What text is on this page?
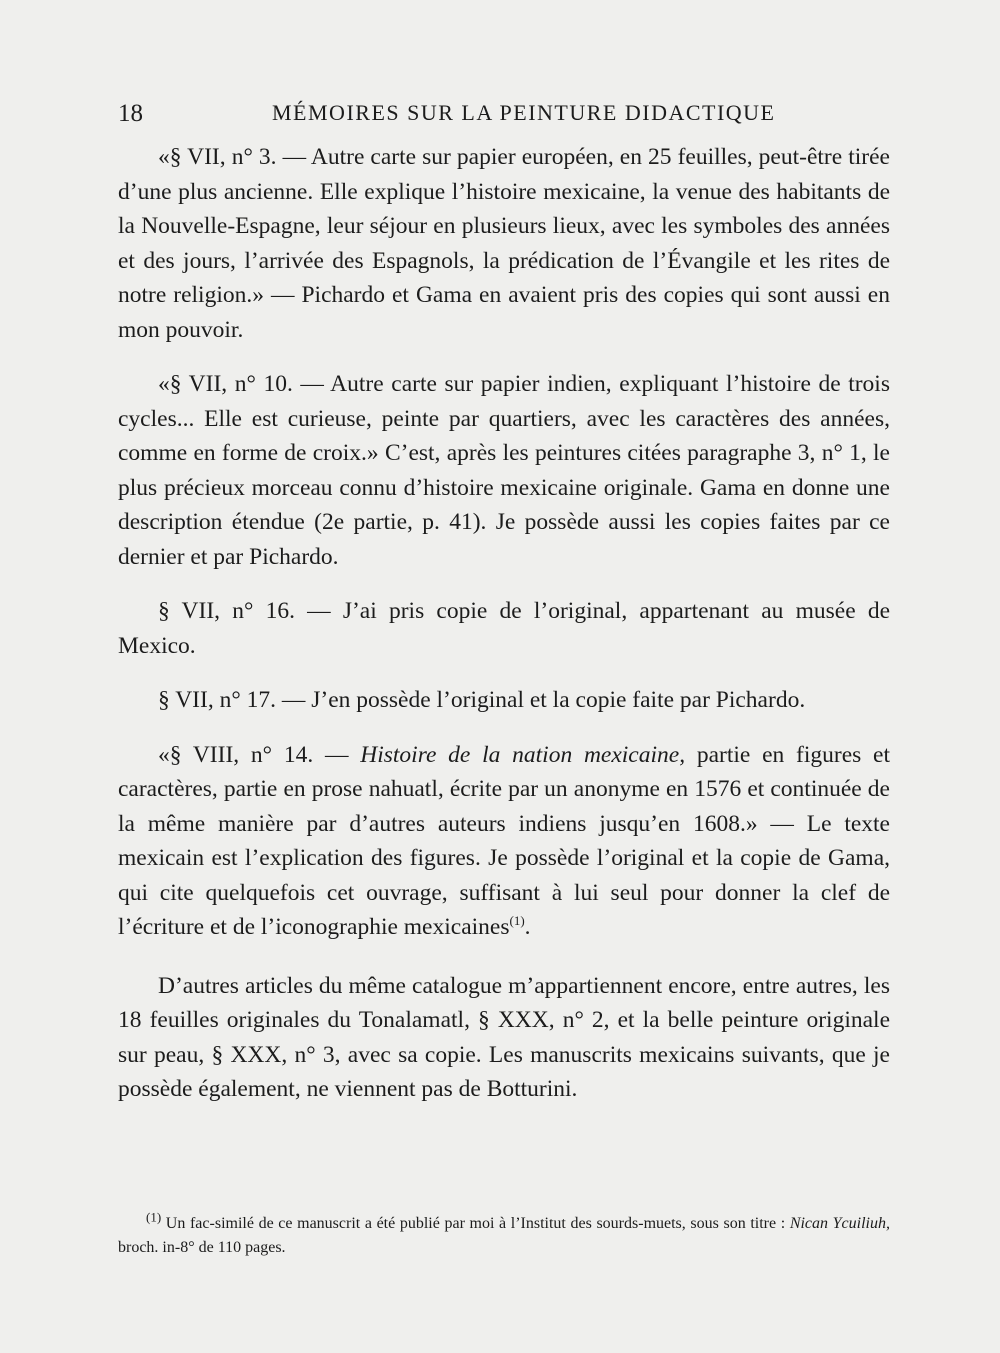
18	MÉMOIRES SUR LA PEINTURE DIDACTIQUE

«§ VII, n° 3. — Autre carte sur papier européen, en 25 feuilles, peut-être tirée d’une plus ancienne. Elle explique l’histoire mexicaine, la venue des habitants de la Nouvelle-Espagne, leur séjour en plusieurs lieux, avec les symboles des années et des jours, l’arrivée des Espagnols, la prédication de l’Évangile et les rites de notre religion.» — Pichardo et Gama en avaient pris des copies qui sont aussi en mon pouvoir.

«§ VII, n° 10. — Autre carte sur papier indien, expliquant l’histoire de trois cycles... Elle est curieuse, peinte par quartiers, avec les caractères des années, comme en forme de croix.» C’est, après les peintures citées paragraphe 3, n° 1, le plus précieux morceau connu d’histoire mexicaine originale. Gama en donne une description étendue (2e partie, p. 41). Je possède aussi les copies faites par ce dernier et par Pichardo.

§ VII, n° 16. — J’ai pris copie de l’original, appartenant au musée de Mexico.

§ VII, n° 17. — J’en possède l’original et la copie faite par Pichardo.

«§ VIII, n° 14. — Histoire de la nation mexicaine, partie en figures et caractères, partie en prose nahuatl, écrite par un anonyme en 1576 et continuée de la même manière par d’autres auteurs indiens jusqu’en 1608.» — Le texte mexicain est l’explication des figures. Je possède l’original et la copie de Gama, qui cite quelquefois cet ouvrage, suffisant à lui seul pour donner la clef de l’écriture et de l’iconographie mexicaines$^{(1)}$.

D’autres articles du même catalogue m’appartiennent encore, entre autres, les 18 feuilles originales du Tonalamatl, § XXX, n° 2, et la belle peinture originale sur peau, § XXX, n° 3, avec sa copie. Les manuscrits mexicains suivants, que je possède également, ne viennent pas de Botturini.

$^{(1)}$ Un fac-similé de ce manuscrit a été publié par moi à l’Institut des sourds-muets, sous son titre : Nican Ycuiliuh, broch. in-8° de 110 pages.
